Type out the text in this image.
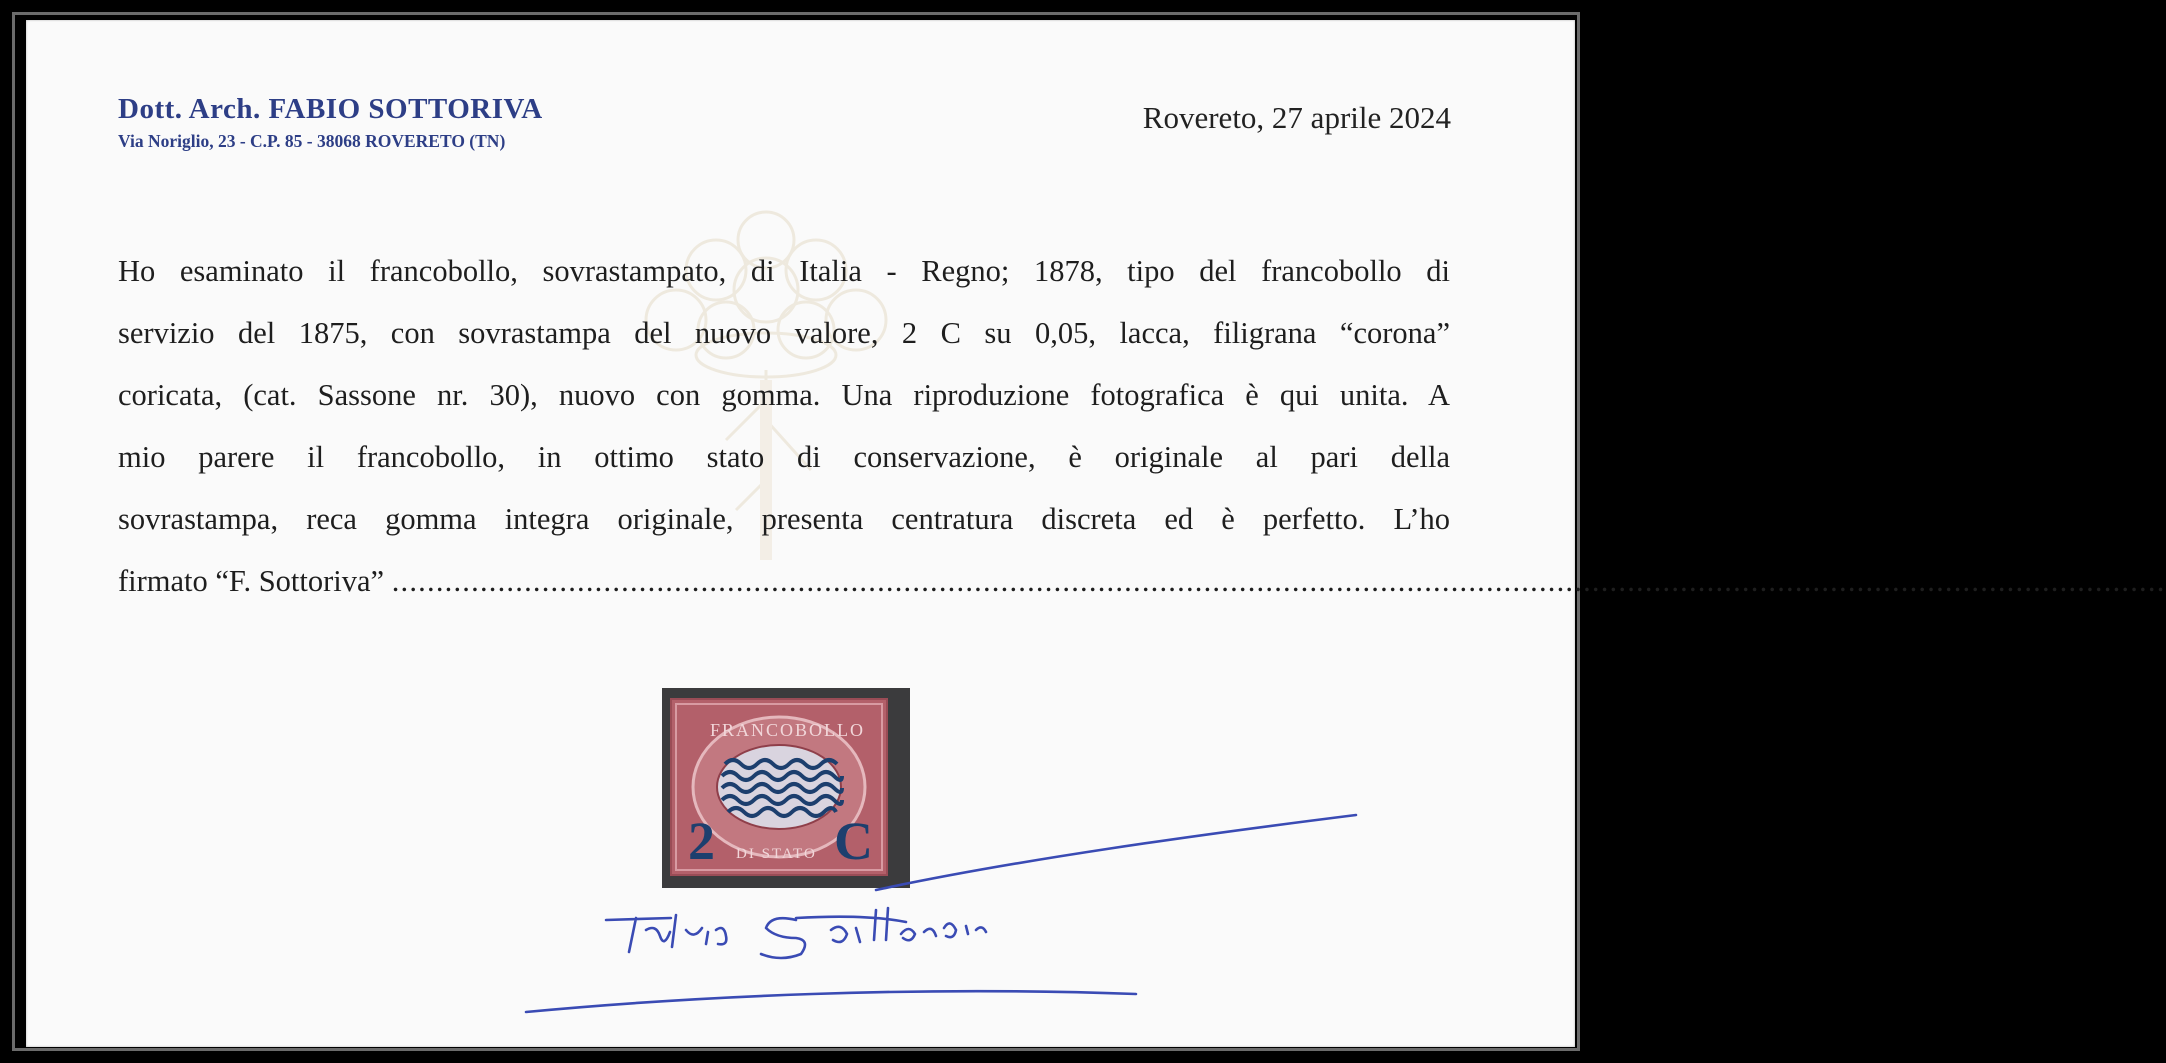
Dott. Arch. FABIO SOTTORIVA
Via Noriglio, 23 - C.P. 85 - 38068 ROVERETO (TN)
Rovereto, 27 aprile 2024
Ho esaminato il francobollo, sovrastampato, di Italia - Regno; 1878, tipo del francobollo di
servizio del 1875, con sovrastampa del nuovo valore, 2 C su 0,05, lacca, filigrana “corona”
coricata, (cat. Sassone nr. 30), nuovo con gomma. Una riproduzione fotografica è qui unita. A
mio parere il francobollo, in ottimo stato di conservazione, è originale al pari della
sovrastampa, reca gomma integra originale, presenta centratura discreta ed è perfetto. L’ho
firmato “F. Sottoriva” .........................................................................................................................................................................................................
FRANCOBOLLO
DI STATO
2 C
